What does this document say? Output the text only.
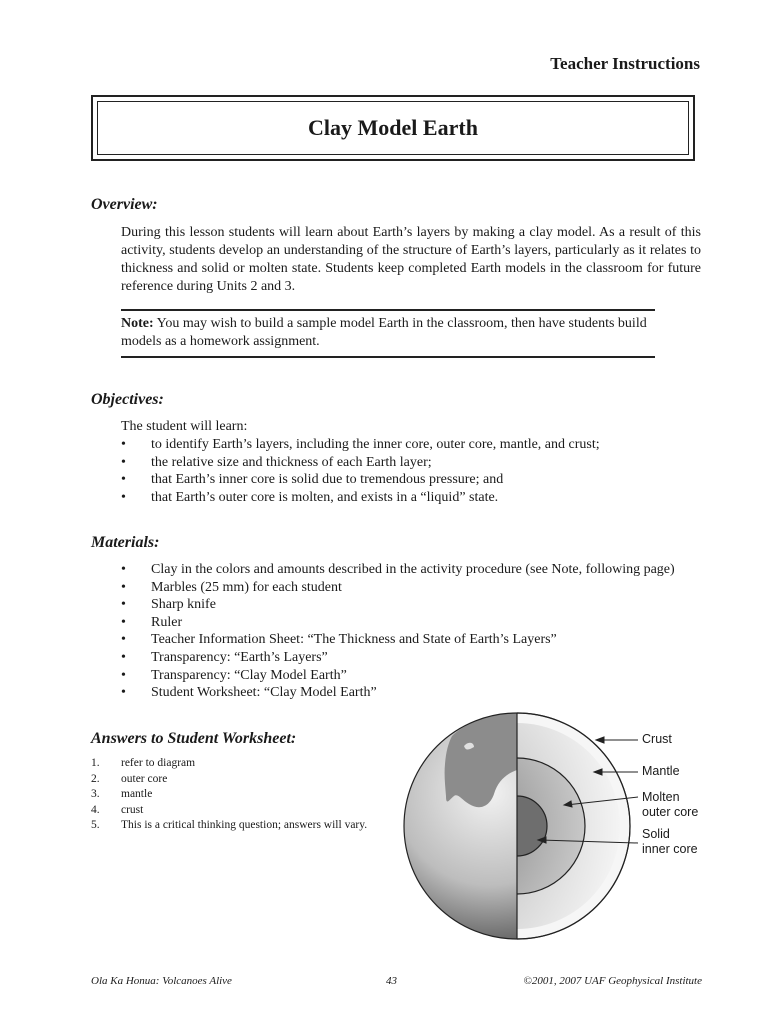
Teacher Instructions
Clay Model Earth
Overview:
During this lesson students will learn about Earth’s layers by making a clay model. As a result of this activity, students develop an understanding of the structure of Earth’s layers, particularly as it relates to thickness and solid or molten state. Students keep completed Earth models in the classroom for future reference during Units 2 and 3.
Note: You may wish to build a sample model Earth in the classroom, then have students build models as a homework assignment.
Objectives:
The student will learn:
• to identify Earth’s layers, including the inner core, outer core, mantle, and crust;
• the relative size and thickness of each Earth layer;
• that Earth’s inner core is solid due to tremendous pressure; and
• that Earth’s outer core is molten, and exists in a “liquid” state.
Materials:
• Clay in the colors and amounts described in the activity procedure (see Note, following page)
• Marbles (25 mm) for each student
• Sharp knife
• Ruler
• Teacher Information Sheet: “The Thickness and State of Earth’s Layers”
• Transparency: “Earth’s Layers”
• Transparency: “Clay Model Earth”
• Student Worksheet: “Clay Model Earth”
Answers to Student Worksheet:
1. refer to diagram
2. outer core
3. mantle
4. crust
5. This is a critical thinking question; answers will vary.
Crust
Mantle
Molten
outer core
Solid
inner core
Ola Ka Honua: Volcanoes Alive	43	©2001, 2007 UAF Geophysical Institute
